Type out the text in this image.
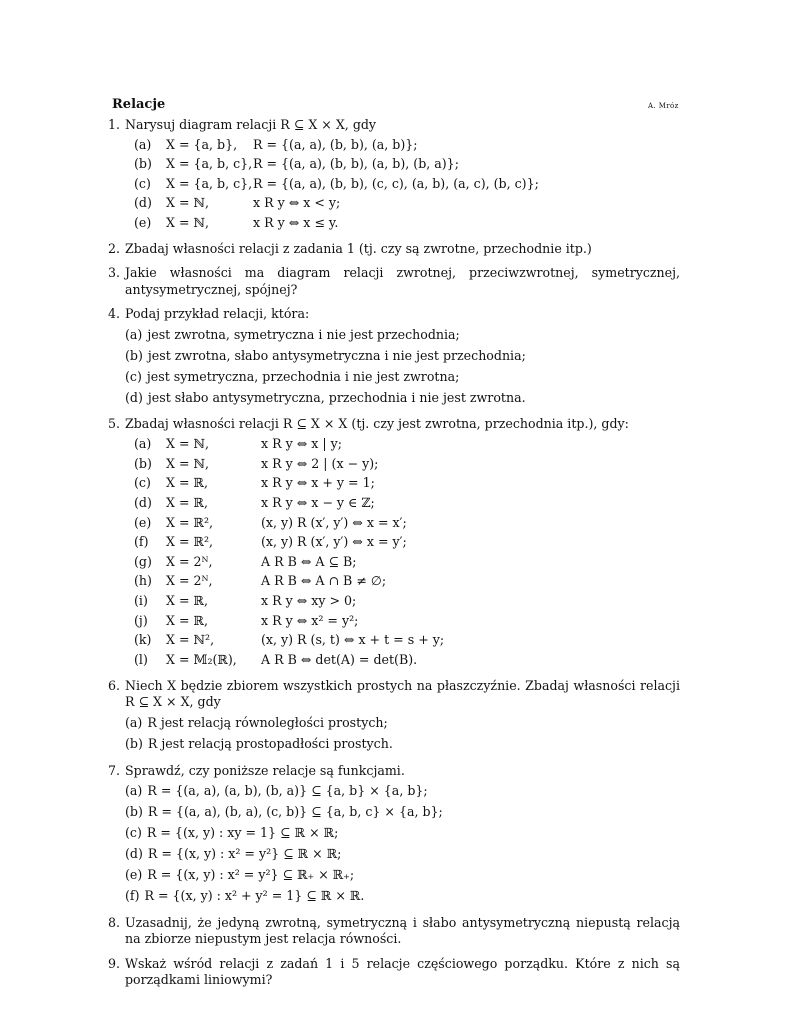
Relacje	A. Mróz
1. Narysuj diagram relacji R ⊆ X × X, gdy
(a)	X = {a, b},	R = {(a, a), (b, b), (a, b)};
(b)	X = {a, b, c}, R = {(a, a), (b, b), (a, b), (b, a)};
(c)	X = {a, b, c}, R = {(a, a), (b, b), (c, c), (a, b), (a, c), (b, c)};
(d)	X = ℕ,	x R y ⇔ x < y;
(e)	X = ℕ,	x R y ⇔ x ≤ y.
2. Zbadaj własności relacji z zadania 1 (tj. czy są zwrotne, przechodnie itp.)
3. Jakie własności ma diagram relacji zwrotnej, przeciwzwrotnej, symetrycznej, antysymetrycznej, spójnej?
4. Podaj przykład relacji, która:
(a) jest zwrotna, symetryczna i nie jest przechodnia;
(b) jest zwrotna, słabo antysymetryczna i nie jest przechodnia;
(c) jest symetryczna, przechodnia i nie jest zwrotna;
(d) jest słabo antysymetryczna, przechodnia i nie jest zwrotna.
5. Zbadaj własności relacji R ⊆ X × X (tj. czy jest zwrotna, przechodnia itp.), gdy:
(a)	X = ℕ,	x R y ⇔ x | y;
(b)	X = ℕ,	x R y ⇔ 2 | (x − y);
(c)	X = ℝ,	x R y ⇔ x + y = 1;
(d)	X = ℝ,	x R y ⇔ x − y ∈ ℤ;
(e)	X = ℝ²,	(x, y) R (x′, y′) ⇔ x = x′;
(f)	X = ℝ²,	(x, y) R (x′, y′) ⇔ x = y′;
(g)	X = 2ᴺ,	A R B ⇔ A ⊆ B;
(h)	X = 2ᴺ,	A R B ⇔ A ∩ B ≠ ∅;
(i)	X = ℝ,	x R y ⇔ xy > 0;
(j)	X = ℝ,	x R y ⇔ x² = y²;
(k)	X = ℕ²,	(x, y) R (s, t) ⇔ x + t = s + y;
(l)	X = 𝕄₂(ℝ),	A R B ⇔ det(A) = det(B).
6. Niech X będzie zbiorem wszystkich prostych na płaszczyźnie. Zbadaj własności relacji R ⊆ X × X, gdy
(a) R jest relacją równoległości prostych;
(b) R jest relacją prostopadłości prostych.
7. Sprawdź, czy poniższe relacje są funkcjami.
(a) R = {(a, a), (a, b), (b, a)} ⊆ {a, b} × {a, b};
(b) R = {(a, a), (b, a), (c, b)} ⊆ {a, b, c} × {a, b};
(c) R = {(x, y) : xy = 1} ⊆ ℝ × ℝ;
(d) R = {(x, y) : x² = y²} ⊆ ℝ × ℝ;
(e) R = {(x, y) : x² = y²} ⊆ ℝ₊ × ℝ₊;
(f) R = {(x, y) : x² + y² = 1} ⊆ ℝ × ℝ.
8. Uzasadnij, że jedyną zwrotną, symetryczną i słabo antysymetryczną niepustą relacją na zbiorze niepustym jest relacja równości.
9. Wskaż wśród relacji z zadań 1 i 5 relacje częściowego porządku. Które z nich są porządkami liniowymi?
